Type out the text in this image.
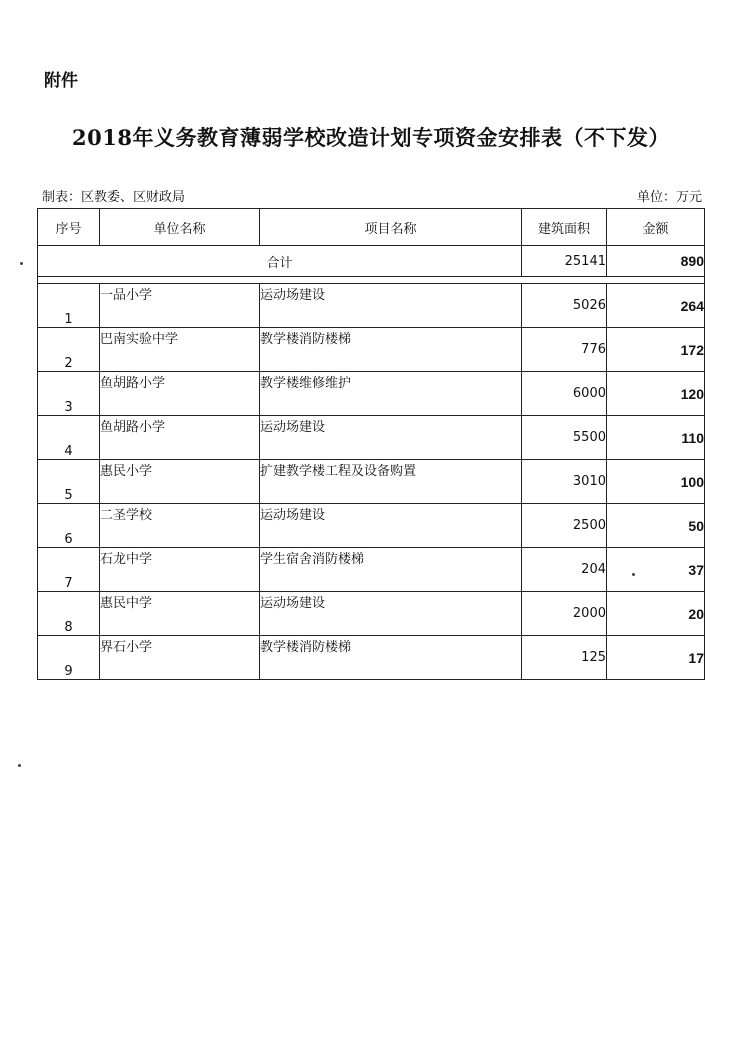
附件
2018年义务教育薄弱学校改造计划专项资金安排表（不下发）
制表：区教委、区财政局	单位：万元
序号	单位名称	项目名称	建筑面积	金额
合计			25141	890

1	一品小学	运动场建设	5026	264
2	巴南实验中学	教学楼消防楼梯	776	172
3	鱼胡路小学	教学楼维修维护	6000	120
4	鱼胡路小学	运动场建设	5500	110
5	惠民小学	扩建教学楼工程及设备购置	3010	100
6	二圣学校	运动场建设	2500	50
7	石龙中学	学生宿舍消防楼梯	204	37
8	惠民中学	运动场建设	2000	20
9	界石小学	教学楼消防楼梯	125	17
